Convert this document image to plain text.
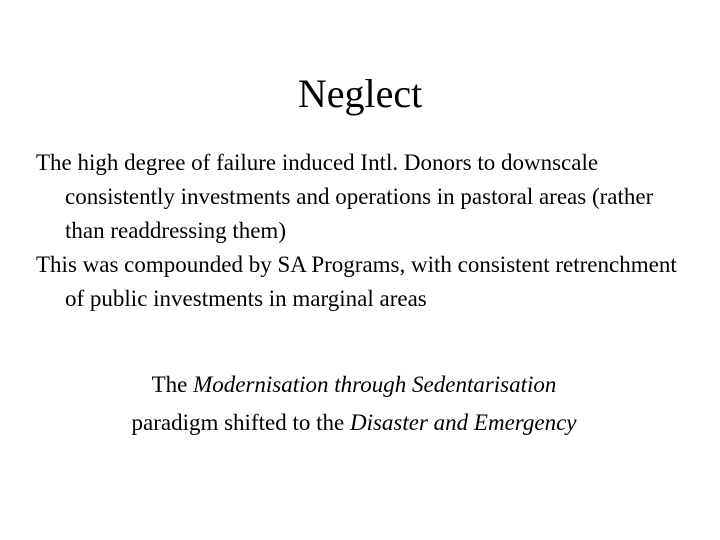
Neglect

The high degree of failure induced Intl. Donors to downscale consistently investments and operations in pastoral areas (rather than readdressing them)

This was compounded by SA Programs, with consistent retrenchment of public investments in marginal areas

The Modernisation through Sedentarisation
paradigm shifted to the Disaster and Emergency
